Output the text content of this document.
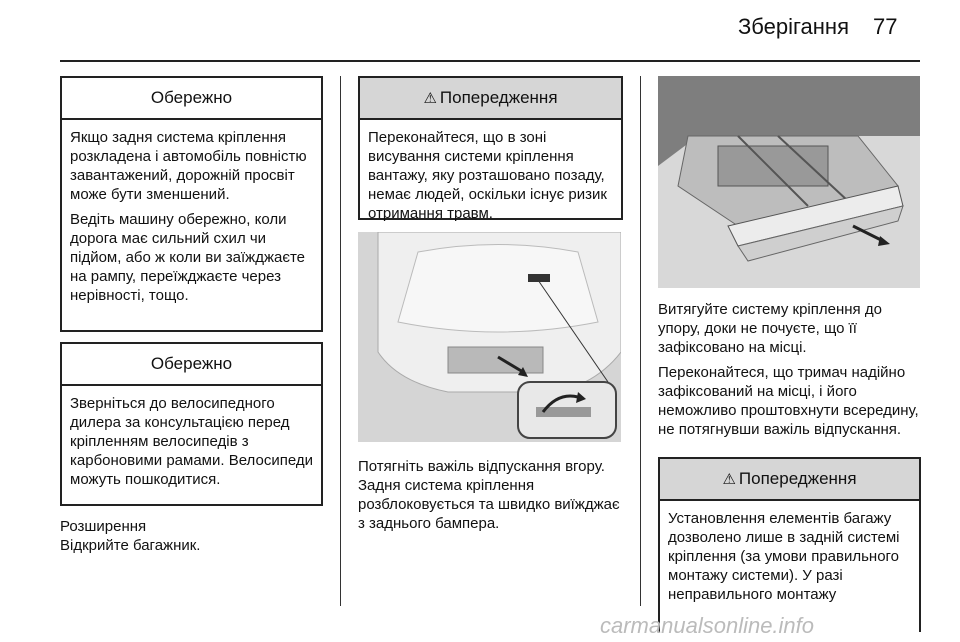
Зберігання 77
Обережно

Якщо задня система кріплення розкладена і автомобіль повністю завантажений, дорожній просвіт може бути зменшений.

Ведіть машину обережно, коли дорога має сильний схил чи підйом, або ж коли ви заїжджаєте на рампу, переїжджаєте через нерівності, тощо.

Обережно

Зверніться до велосипедного дилера за консультацією перед кріпленням велосипедів з карбоновими рамами. Велосипеди можуть пошкодитися.

Розширення
Відкрийте багажник.
⚠ Попередження

Переконайтеся, що в зоні висування системи кріплення вантажу, яку розташовано позаду, немає людей, оскільки існує ризик отримання травм.

Потягніть важіль відпускання вгору. Задня система кріплення розблоковується та швидко виїжджає з заднього бампера.

Витягуйте систему кріплення до упору, доки не почуєте, що її зафіксовано на місці.

Переконайтеся, що тримач надійно зафіксований на місці, і його неможливо проштовхнути всередину, не потягнувши важіль відпускання.

⚠ Попередження

Установлення елементів багажу дозволено лише в задній системі кріплення (за умови правильного монтажу системи). У разі неправильного монтажу

carmanualsonline.info
